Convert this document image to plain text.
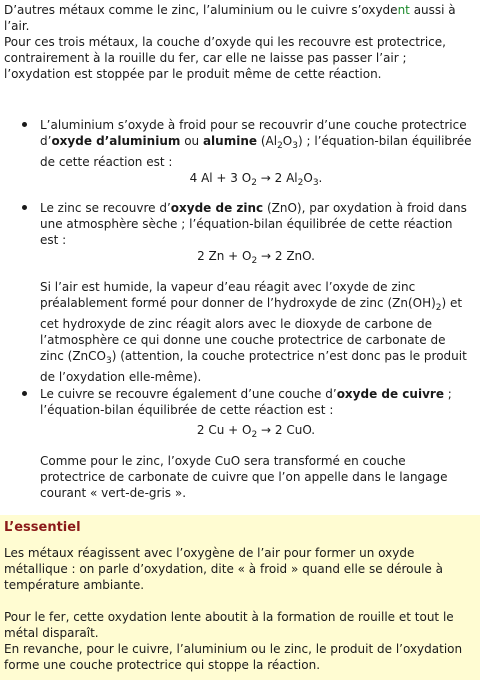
D’autres métaux comme le zinc, l’aluminium ou le cuivre s’oxydent aussi à l’air.

Pour ces trois métaux, la couche d’oxyde qui les recouvre est protectrice, contrairement à la rouille du fer, car elle ne laisse pas passer l’air ; l’oxydation est stoppée par le produit même de cette réaction.

L’aluminium s’oxyde à froid pour se recouvrir d’une couche protectrice d’oxyde d’aluminium ou alumine $(Al_2O_3)$ ; l’équation-bilan équilibrée de cette réaction est :

4 Al + 3 $O_2 \to 2$ $Al_2O_3$.

Le zinc se recouvre d’oxyde de zinc (ZnO), par oxydation à froid dans une atmosphère sèche ; l’équation-bilan équilibrée de cette réaction est :

2 $Zn + O_2 \to 2$ ZnO.

Si l’air est humide, la vapeur d’eau réagit avec l’oxyde de zinc préalablement formé pour donner de l’hydroxyde de zinc $(Zn(OH)_2)$ et cet hydroxyde de zinc réagit alors avec le dioxyde de carbone de l’atmosphère ce qui donne une couche protectrice de carbonate de zinc (ZnCO$_3$) (attention, la couche protectrice n’est donc pas le produit de l’oxydation elle-même).

Le cuivre se recouvre également d’une couche d’oxyde de cuivre ; l’équation-bilan équilibrée de cette réaction est :

2 $Cu + O_2 \to 2$ CuO.

Comme pour le zinc, l’oxyde CuO sera transformé en couche protectrice de carbonate de cuivre que l’on appelle dans le langage courant « vert-de-gris ».

L’essentiel

Les métaux réagissent avec l’oxygène de l’air pour former un oxyde métallique : on parle d’oxydation, dite « à froid » quand elle se déroule à température ambiante.

Pour le fer, cette oxydation lente aboutit à la formation de rouille et tout le métal disparaît.

En revanche, pour le cuivre, l’aluminium ou le zinc, le produit de l’oxydation forme une couche protectrice qui stoppe la réaction.
